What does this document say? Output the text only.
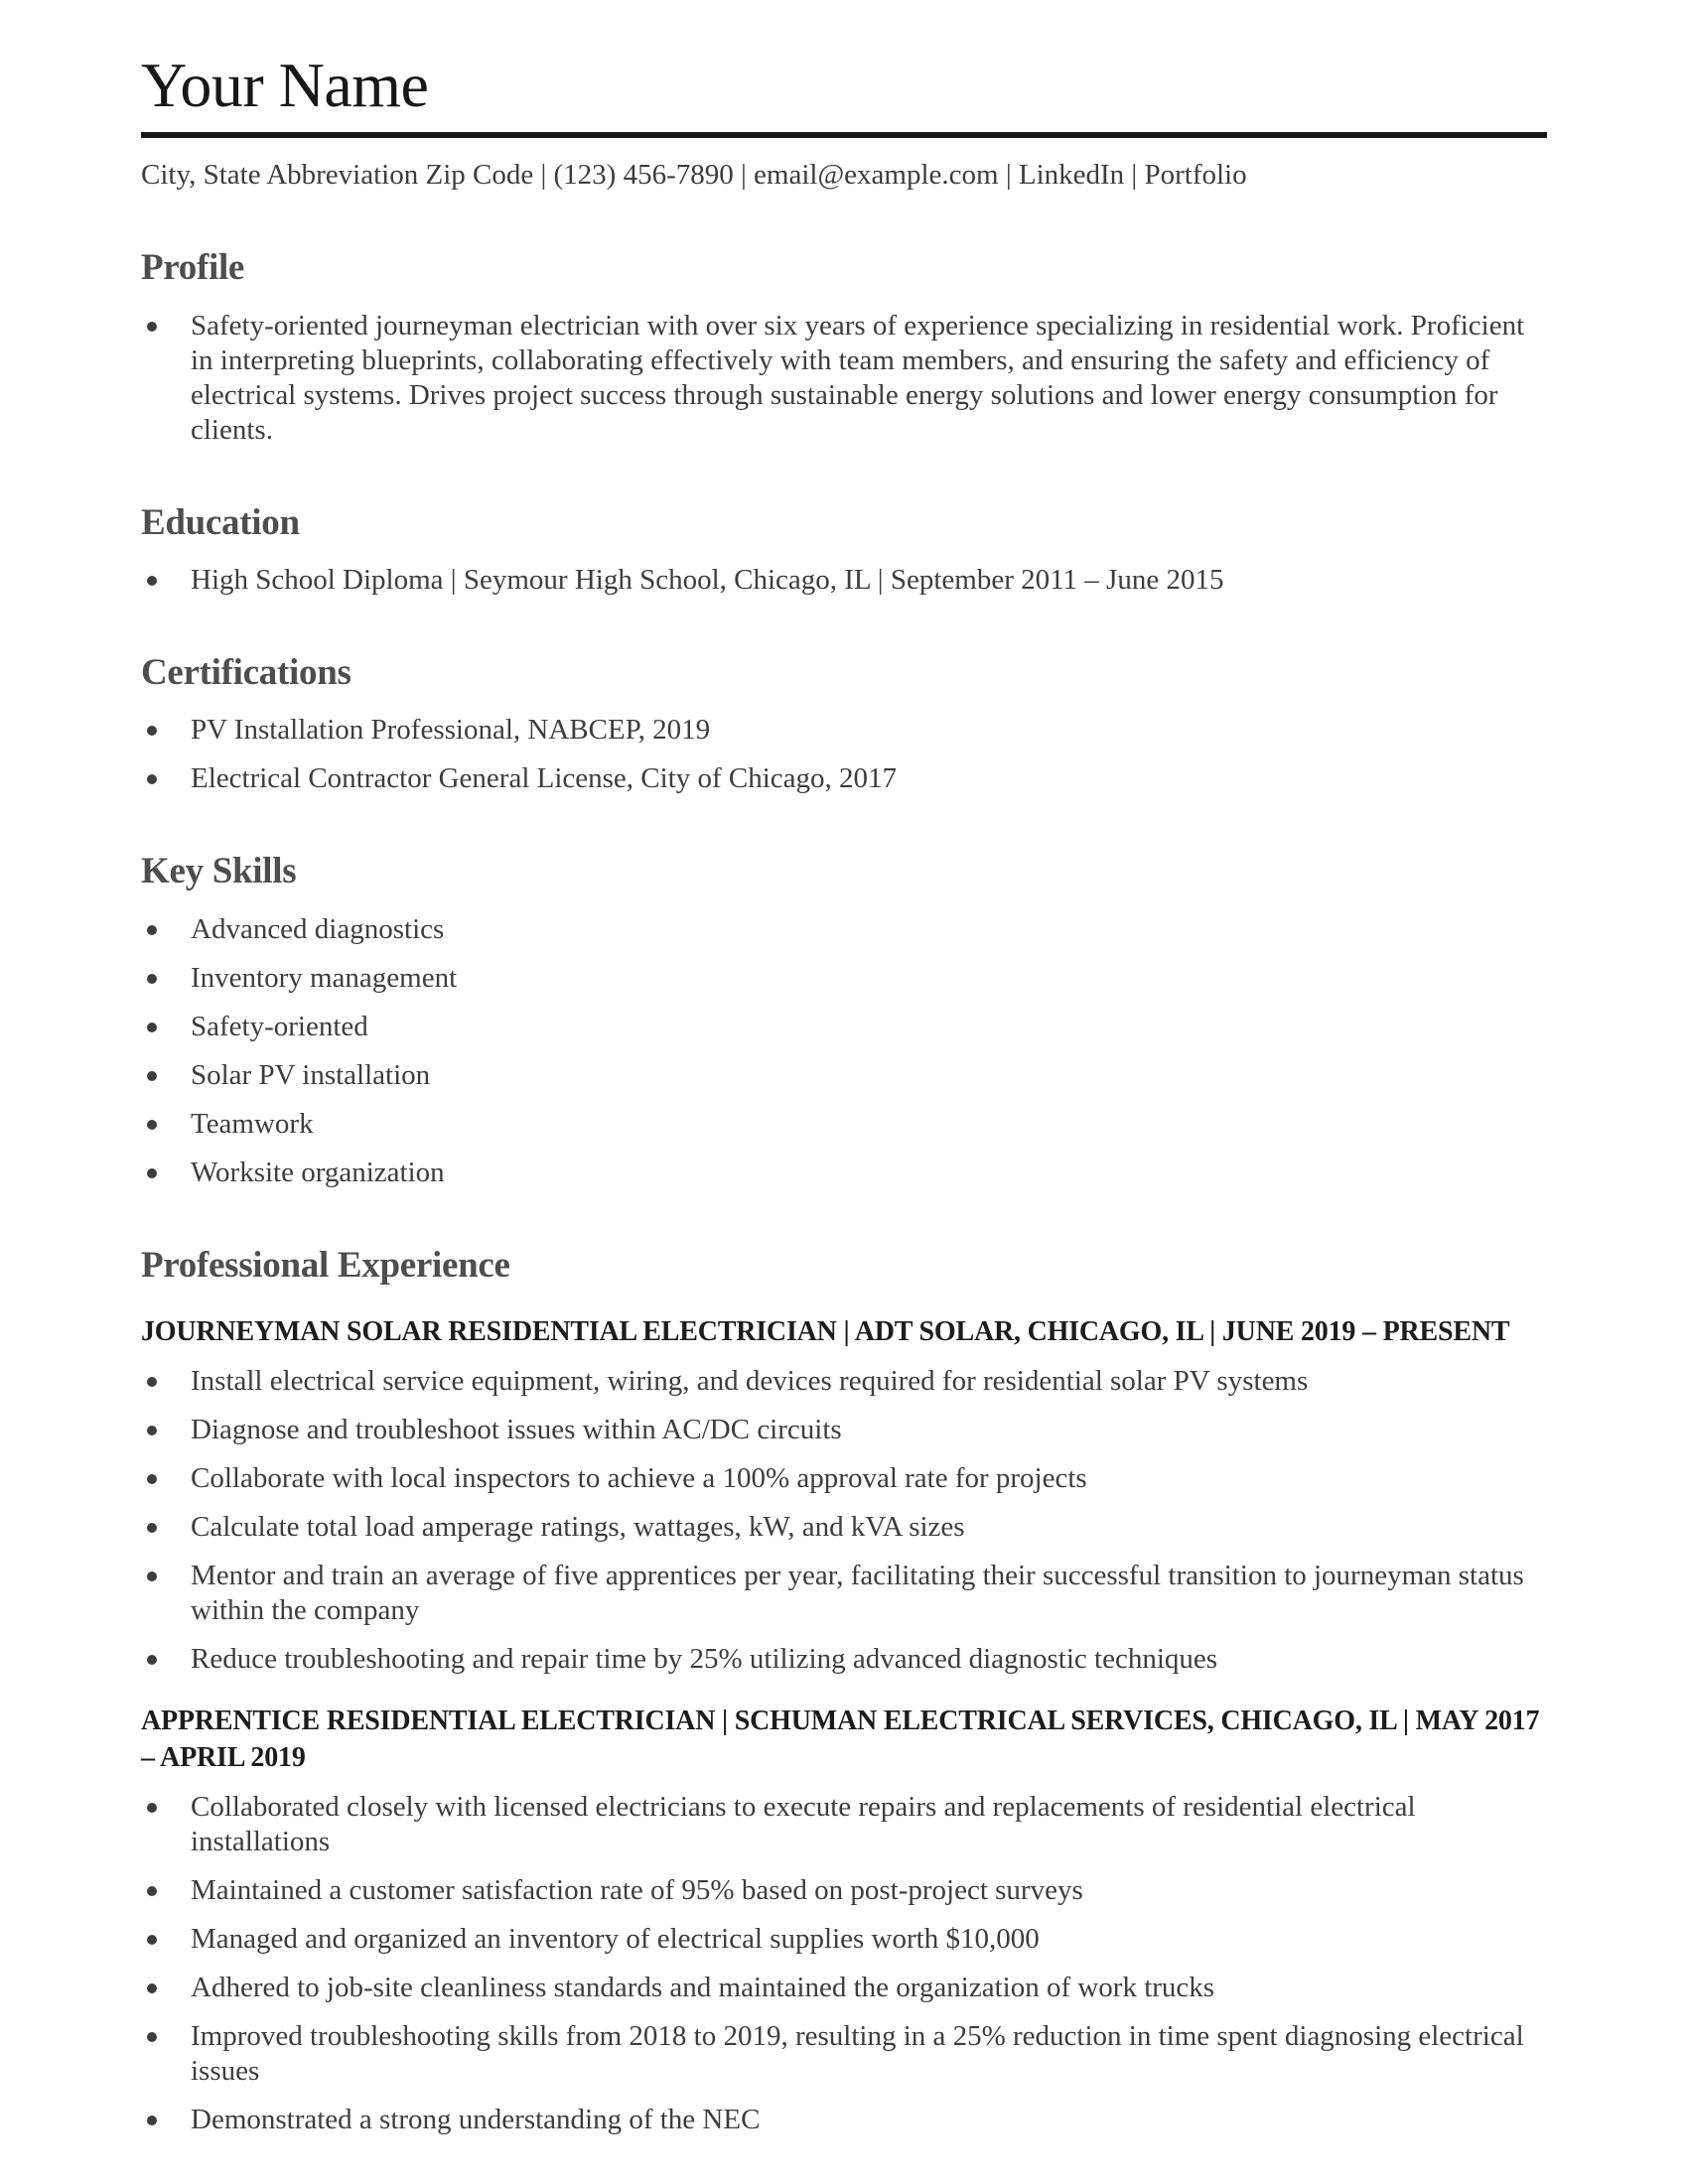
Your Name
City, State Abbreviation Zip Code | (123) 456-7890 | email@example.com | LinkedIn | Portfolio
Profile
Safety-oriented journeyman electrician with over six years of experience specializing in residential work. Proficient in interpreting blueprints, collaborating effectively with team members, and ensuring the safety and efficiency of electrical systems. Drives project success through sustainable energy solutions and lower energy consumption for clients.
Education
High School Diploma | Seymour High School, Chicago, IL | September 2011 – June 2015
Certifications
PV Installation Professional, NABCEP, 2019
Electrical Contractor General License, City of Chicago, 2017
Key Skills
Advanced diagnostics
Inventory management
Safety-oriented
Solar PV installation
Teamwork
Worksite organization
Professional Experience
JOURNEYMAN SOLAR RESIDENTIAL ELECTRICIAN | ADT SOLAR, CHICAGO, IL | JUNE 2019 – PRESENT
Install electrical service equipment, wiring, and devices required for residential solar PV systems
Diagnose and troubleshoot issues within AC/DC circuits
Collaborate with local inspectors to achieve a 100% approval rate for projects
Calculate total load amperage ratings, wattages, kW, and kVA sizes
Mentor and train an average of five apprentices per year, facilitating their successful transition to journeyman status within the company
Reduce troubleshooting and repair time by 25% utilizing advanced diagnostic techniques
APPRENTICE RESIDENTIAL ELECTRICIAN | SCHUMAN ELECTRICAL SERVICES, CHICAGO, IL | MAY 2017 – APRIL 2019
Collaborated closely with licensed electricians to execute repairs and replacements of residential electrical installations
Maintained a customer satisfaction rate of 95% based on post-project surveys
Managed and organized an inventory of electrical supplies worth $10,000
Adhered to job-site cleanliness standards and maintained the organization of work trucks
Improved troubleshooting skills from 2018 to 2019, resulting in a 25% reduction in time spent diagnosing electrical issues
Demonstrated a strong understanding of the NEC
